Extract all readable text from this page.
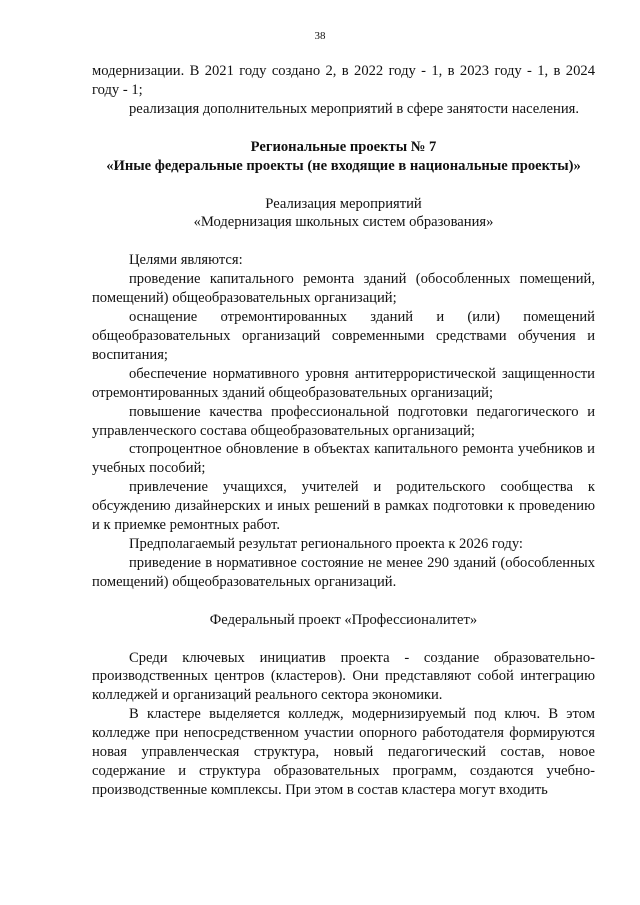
38

модернизации. В 2021 году создано 2, в 2022 году - 1, в 2023 году - 1, в 2024 году - 1;

реализация дополнительных мероприятий в сфере занятости населения.

Региональные проекты № 7

«Иные федеральные проекты (не входящие в национальные проекты)»

Реализация мероприятий

«Модернизация школьных систем образования»

Целями являются:

проведение капитального ремонта зданий (обособленных помещений, помещений) общеобразовательных организаций;

оснащение отремонтированных зданий и (или) помещений общеобразовательных организаций современными средствами обучения и воспитания;

обеспечение нормативного уровня антитеррористической защищенности отремонтированных зданий общеобразовательных организаций;

повышение качества профессиональной подготовки педагогического и управленческого состава общеобразовательных организаций;

стопроцентное обновление в объектах капитального ремонта учебников и учебных пособий;

привлечение учащихся, учителей и родительского сообщества к обсуждению дизайнерских и иных решений в рамках подготовки к проведению и к приемке ремонтных работ.

Предполагаемый результат регионального проекта к 2026 году:

приведение в нормативное состояние не менее 290 зданий (обособленных помещений) общеобразовательных организаций.

Федеральный проект «Профессионалитет»

Среди ключевых инициатив проекта - создание образовательно-производственных центров (кластеров). Они представляют собой интеграцию колледжей и организаций реального сектора экономики.

В кластере выделяется колледж, модернизируемый под ключ. В этом колледже при непосредственном участии опорного работодателя формируются новая управленческая структура, новый педагогический состав, новое содержание и структура образовательных программ, создаются учебно-производственные комплексы. При этом в состав кластера могут входить
